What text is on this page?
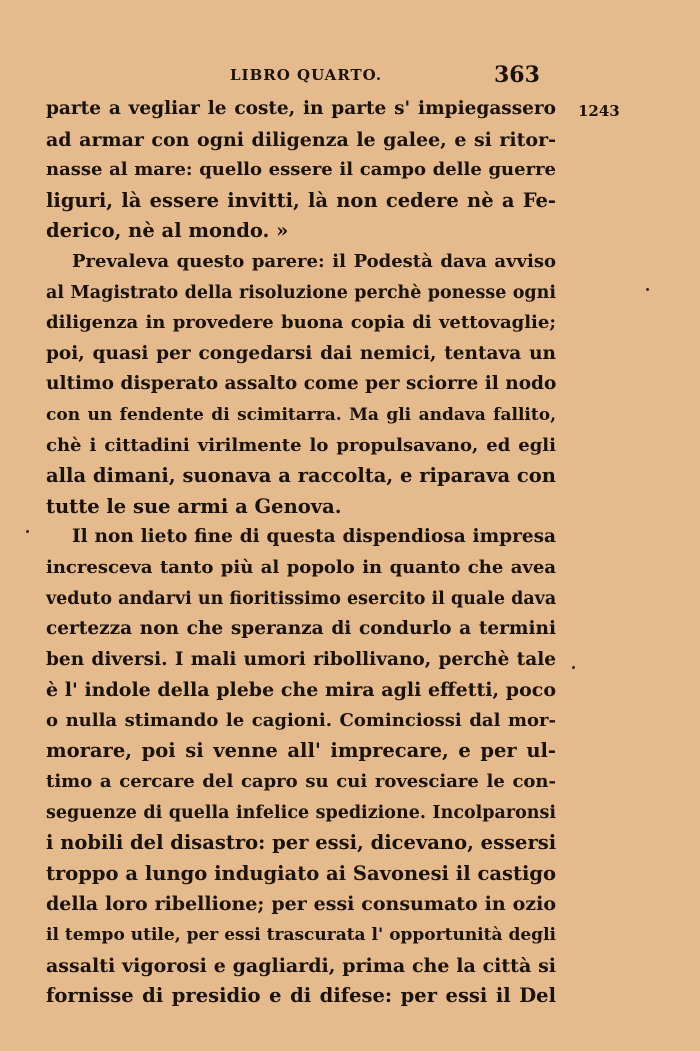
LIBRO QUARTO.	363
1243
parte a vegliar le coste, in parte s' impiegassero
ad armar con ogni diligenza le galee, e si ritor-
nasse al mare: quello essere il campo delle guerre
liguri, là essere invitti, là non cedere nè a Fe-
derico, nè al mondo. »
Prevaleva questo parere: il Podestà dava avviso
al Magistrato della risoluzione perchè ponesse ogni
diligenza in provedere buona copia di vettovaglie;
poi, quasi per congedarsi dai nemici, tentava un
ultimo disperato assalto come per sciorre il nodo
con un fendente di scimitarra. Ma gli andava fallito,
chè i cittadini virilmente lo propulsavano, ed egli
alla dimani, suonava a raccolta, e riparava con
tutte le sue armi a Genova.
Il non lieto fine di questa dispendiosa impresa
incresceva tanto più al popolo in quanto che avea
veduto andarvi un fioritissimo esercito il quale dava
certezza non che speranza di condurlo a termini
ben diversi. I mali umori ribollivano, perchè tale
è l' indole della plebe che mira agli effetti, poco
o nulla stimando le cagioni. Cominciossi dal mor-
morare, poi si venne all' imprecare, e per ul-
timo a cercare del capro su cui rovesciare le con-
seguenze di quella infelice spedizione. Incolparonsi
i nobili del disastro: per essi, dicevano, essersi
troppo a lungo indugiato ai Savonesi il castigo
della loro ribellione; per essi consumato in ozio
il tempo utile, per essi trascurata l' opportunità degli
assalti vigorosi e gagliardi, prima che la città si
fornisse di presidio e di difese: per essi il Del
